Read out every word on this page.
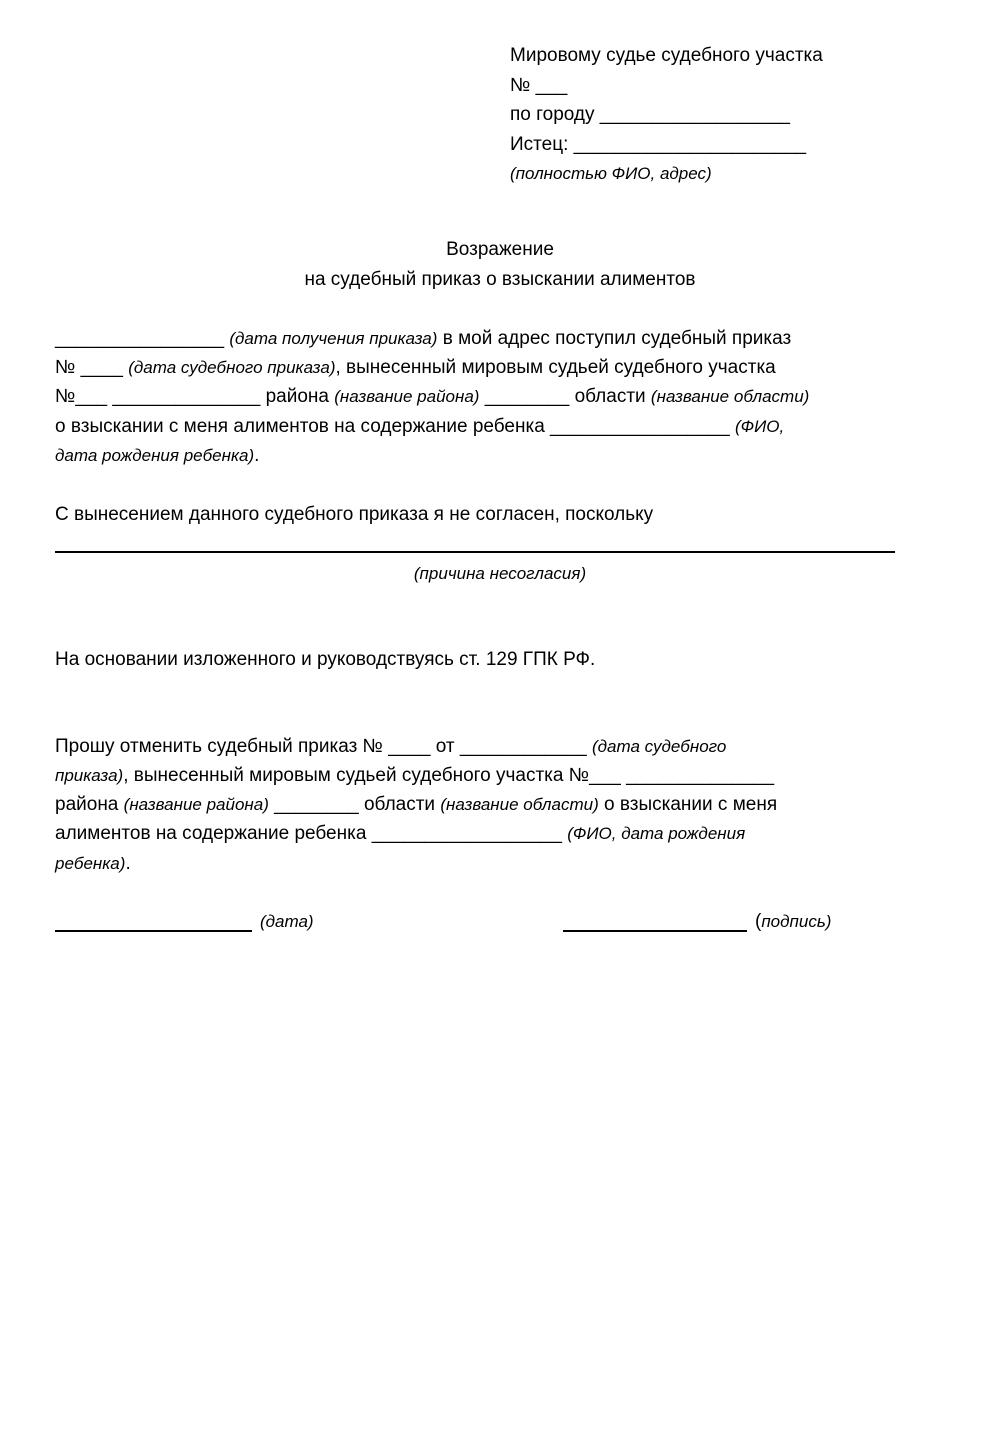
Мировому судье судебного участка
№ ___
по городу __________________
Истец: ______________________
(полностью ФИО, адрес)
Возражение
на судебный приказ о взыскании алиментов
________________ (дата получения приказа) в мой адрес поступил судебный приказ
№ ____ (дата судебного приказа), вынесенный мировым судьей судебного участка
№___ ______________ района (название района) ________ области (название области)
о взыскании с меня алиментов на содержание ребенка _________________ (ФИО,
дата рождения ребенка).
С вынесением данного судебного приказа я не согласен, поскольку
(причина несогласия)
На основании изложенного и руководствуясь ст. 129 ГПК РФ.
Прошу отменить судебный приказ № ____ от ____________ (дата судебного
приказа), вынесенный мировым судьей судебного участка №___ ______________
района (название района) ________ области (название области) о взыскании с меня
алиментов на содержание ребенка __________________ (ФИО, дата рождения
ребенка).
(дата)	(подпись)
